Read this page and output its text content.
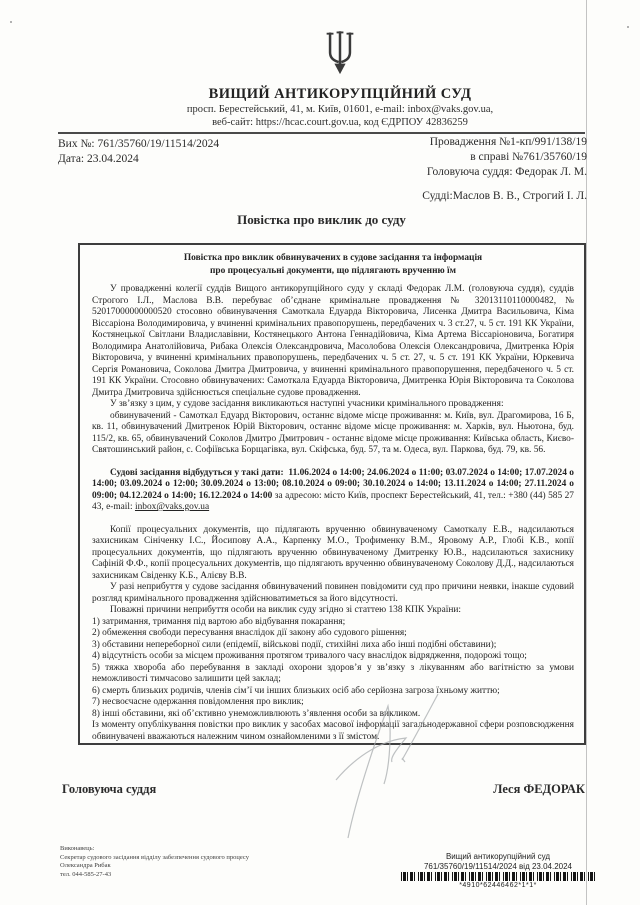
ВИЩИЙ АНТИКОРУПЦІЙНИЙ СУД
просп. Берестейський, 41, м. Київ, 01601, e-mail: inbox@vaks.gov.ua,
веб-сайт: https://hcac.court.gov.ua, код ЄДРПОУ 42836259
Вих №: 761/35760/19/11514/2024
Дата: 23.04.2024
Провадження №1-кп/991/138/19
в справі №761/35760/19
Головуюча суддя: Федорак Л. М.
Судді:Маслов В. В., Строгий І. Л.
Повістка про виклик до суду
Повістка про виклик обвинувачених в судове засідання та інформація
про процесуальні документи, що підлягають врученню їм

У провадженні колегії суддів Вищого антикорупційного суду у складі Федорак Л.М. (головуюча суддя), суддів Строгого І.Л., Маслова В.В. перебуває об’єднане кримінальне провадження № 32013110110000482, № 52017000000000520 стосовно обвинувачення Самоткала Едуарда Вікторовича, Лисенка Дмитра Васильовича, Кіма Віссаріона Володимировича, у вчиненні кримінальних правопорушень, передбачених ч. 3 ст.27, ч. 5 ст. 191 КК України, Костянецької Світлани Владиславівни, Костянецького Антона Геннадійовича, Кіма Артема Віссаріоновича, Богатиря Володимира Анатолійовича, Рибака Олексія Олександровича, Масолобова Олексія Олександровича, Дмитренка Юрія Вікторовича, у вчиненні кримінальних правопорушень, передбачених ч. 5 ст. 27, ч. 5 ст. 191 КК України, Юркевича Сергія Романовича, Соколова Дмитра Дмитровича, у вчиненні кримінального правопорушення, передбаченого ч. 5 ст. 191 КК України. Стосовно обвинувачених: Самоткала Едуарда Вікторовича, Дмитренка Юрія Вікторовича та Соколова Дмитра Дмитровича здійснюється спеціальне судове провадження.

У зв’язку з цим, у судове засідання викликаються наступні учасники кримінального провадження:

обвинувачений - Самоткал Едуард Вікторович, останнє відоме місце проживання: м. Київ, вул. Драгомирова, 16 Б, кв. 11, обвинувачений Дмитренок Юрій Вікторович, останнє відоме місце проживання: м. Харків, вул. Ньютона, буд. 115/2, кв. 65, обвинувачений Соколов Дмитро Дмитрович - останнє відоме місце проживання: Київська область, Києво-Святошинський район, с. Софіївська Борщагівка, вул. Скіфська, буд. 57, та м. Одеса, вул. Паркова, буд. 79, кв. 56.

Судові засідання відбудуться у такі дати: 11.06.2024 о 14:00; 24.06.2024 о 11:00; 03.07.2024 о 14:00; 17.07.2024 о 14:00; 03.09.2024 о 12:00; 30.09.2024 о 13:00; 08.10.2024 о 09:00; 30.10.2024 о 14:00; 13.11.2024 о 14:00; 27.11.2024 о 09:00; 04.12.2024 о 14:00; 16.12.2024 о 14:00 за адресою: місто Київ, проспект Берестейський, 41, тел.: +380 (44) 585 27 43, e-mail: inbox@vaks.gov.ua

Копії процесуальних документів, що підлягають врученню обвинуваченому Самоткалу Е.В., надсилаються захисникам Сініченку І.С., Йосипову А.А., Карпенку М.О., Трофименку В.М., Яровому А.Р., Глобі К.В., копії процесуальних документів, що підлягають врученню обвинуваченому Дмитренку Ю.В., надсилаються захиснику Сафіній Ф.Ф., копії процесуальних документів, що підлягають врученню обвинуваченому Соколову Д.Д., надсилаються захисникам Свіденку К.Б., Алієву В.В.

У разі неприбуття у судове засідання обвинувачений повинен повідомити суд про причини неявки, інакше судовий розгляд кримінального провадження здійснюватиметься за його відсутності.

Поважні причини неприбуття особи на виклик суду згідно зі статтею 138 КПК України:

1) затримання, тримання під вартою або відбування покарання;

2) обмеження свободи пересування внаслідок дії закону або судового рішення;

3) обставини непереборної сили (епідемії, військові події, стихійні лиха або інші подібні обставини);

4) відсутність особи за місцем проживання протягом тривалого часу внаслідок відрядження, подорожі тощо;

5) тяжка хвороба або перебування в закладі охорони здоров’я у зв’язку з лікуванням або вагітністю за умови неможливості тимчасово залишити цей заклад;

6) смерть близьких родичів, членів сім’ї чи інших близьких осіб або серйозна загроза їхньому життю;

7) несвоєчасне одержання повідомлення про виклик;

8) інші обставини, які об’єктивно унеможливлюють з’явлення особи за викликом.

Із моменту опублікування повістки про виклик у засобах масової інформації загальнодержавної сфери розповсюдження обвинувачені вважаються належним чином ознайомленими з її змістом.

Головуюча суддя	Леся ФЕДОРАК
Виконавець:
Секретар судового засідання відділу забезпечення судового процесу
Олександра Рибак
тел. 044-585-27-43
Вищий антикорупційний суд
761/35760/19/11514/2024 від 23.04.2024
*4910*62446462*1*1*
